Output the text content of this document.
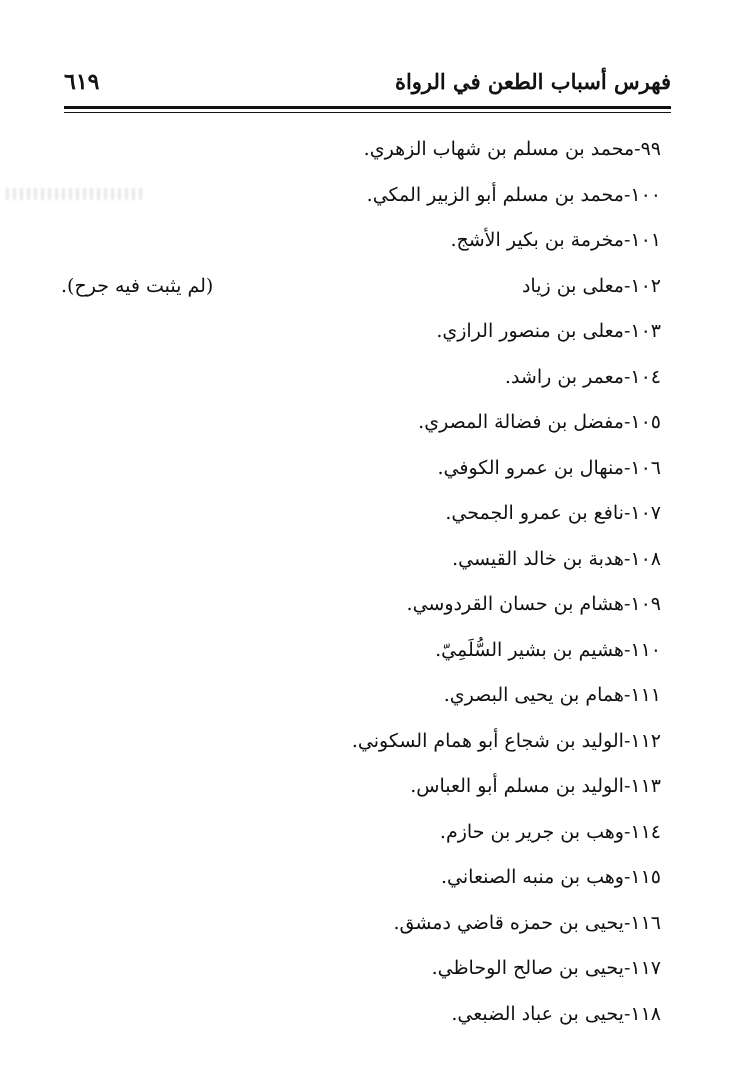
فهرس أسباب الطعن في الرواة
٦١٩
٩٩-محمد بن مسلم بن شهاب الزهري.
١٠٠-محمد بن مسلم أبو الزبير المكي.
١٠١-مخرمة بن بكير الأشج.
١٠٢-معلى بن زياد
(لم يثبت فيه جرح).
١٠٣-معلى بن منصور الرازي.
١٠٤-معمر بن راشد.
١٠٥-مفضل بن فضالة المصري.
١٠٦-منهال بن عمرو الكوفي.
١٠٧-نافع بن عمرو الجمحي.
١٠٨-هدبة بن خالد القيسي.
١٠٩-هشام بن حسان القردوسي.
١١٠-هشيم بن بشير السُّلَمِيّ.
١١١-همام بن يحيى البصري.
١١٢-الوليد بن شجاع أبو همام السكوني.
١١٣-الوليد بن مسلم أبو العباس.
١١٤-وهب بن جرير بن حازم.
١١٥-وهب بن منبه الصنعاني.
١١٦-يحيى بن حمزه قاضي دمشق.
١١٧-يحيى بن صالح الوحاظي.
١١٨-يحيى بن عباد الضبعي.
